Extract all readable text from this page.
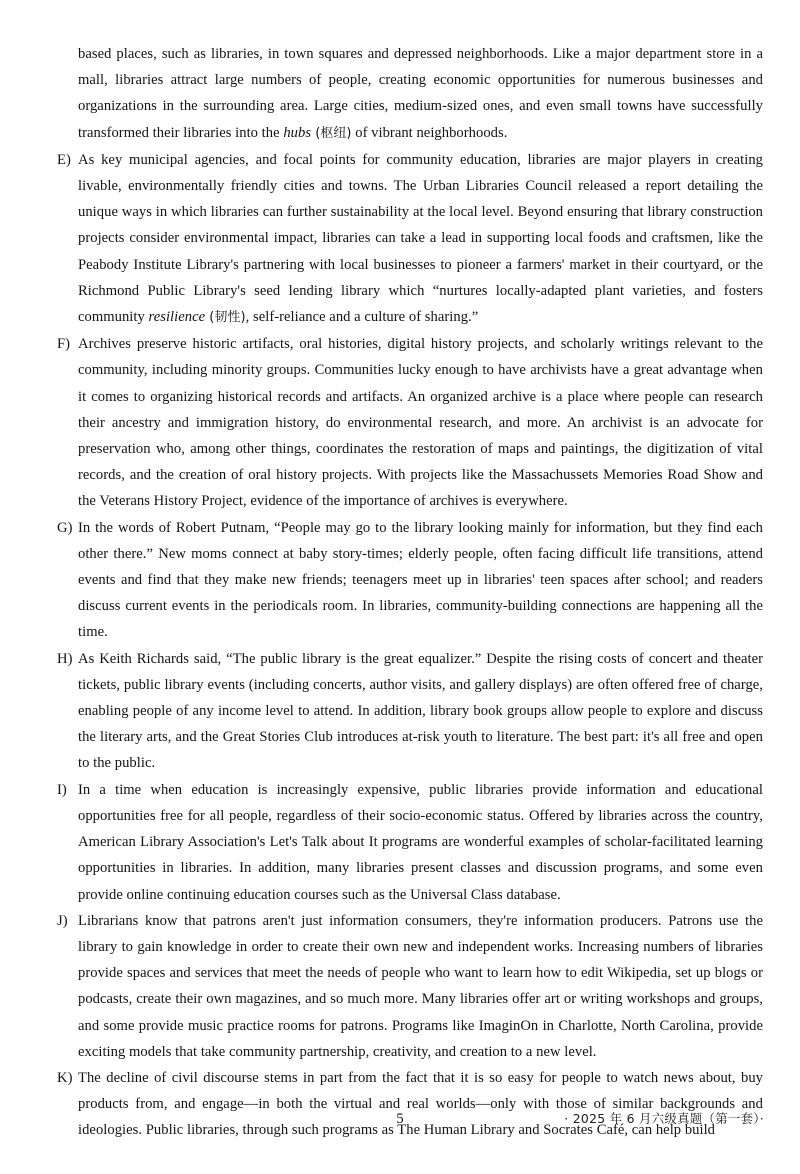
based places, such as libraries, in town squares and depressed neighborhoods. Like a major department store in a mall, libraries attract large numbers of people, creating economic opportunities for numerous businesses and organizations in the surrounding area. Large cities, medium-sized ones, and even small towns have successfully transformed their libraries into the hubs (枢纽) of vibrant neighborhoods.

E) As key municipal agencies, and focal points for community education, libraries are major players in creating livable, environmentally friendly cities and towns. The Urban Libraries Council released a report detailing the unique ways in which libraries can further sustainability at the local level. Beyond ensuring that library construction projects consider environmental impact, libraries can take a lead in supporting local foods and craftsmen, like the Peabody Institute Library's partnering with local businesses to pioneer a farmers' market in their courtyard, or the Richmond Public Library's seed lending library which “nurtures locally-adapted plant varieties, and fosters community resilience (韧性), self-reliance and a culture of sharing.”

F) Archives preserve historic artifacts, oral histories, digital history projects, and scholarly writings relevant to the community, including minority groups. Communities lucky enough to have archivists have a great advantage when it comes to organizing historical records and artifacts. An organized archive is a place where people can research their ancestry and immigration history, do environmental research, and more. An archivist is an advocate for preservation who, among other things, coordinates the restoration of maps and paintings, the digitization of vital records, and the creation of oral history projects. With projects like the Massachussets Memories Road Show and the Veterans History Project, evidence of the importance of archives is everywhere.

G) In the words of Robert Putnam, “People may go to the library looking mainly for information, but they find each other there.” New moms connect at baby story-times; elderly people, often facing difficult life transitions, attend events and find that they make new friends; teenagers meet up in libraries' teen spaces after school; and readers discuss current events in the periodicals room. In libraries, community-building connections are happening all the time.

H) As Keith Richards said, “The public library is the great equalizer.” Despite the rising costs of concert and theater tickets, public library events (including concerts, author visits, and gallery displays) are often offered free of charge, enabling people of any income level to attend. In addition, library book groups allow people to explore and discuss the literary arts, and the Great Stories Club introduces at-risk youth to literature. The best part: it's all free and open to the public.

I) In a time when education is increasingly expensive, public libraries provide information and educational opportunities free for all people, regardless of their socio-economic status. Offered by libraries across the country, American Library Association's Let's Talk about It programs are wonderful examples of scholar-facilitated learning opportunities in libraries. In addition, many libraries present classes and discussion programs, and some even provide online continuing education courses such as the Universal Class database.

J) Librarians know that patrons aren't just information consumers, they're information producers. Patrons use the library to gain knowledge in order to create their own new and independent works. Increasing numbers of libraries provide spaces and services that meet the needs of people who want to learn how to edit Wikipedia, set up blogs or podcasts, create their own magazines, and so much more. Many libraries offer art or writing workshops and groups, and some provide music practice rooms for patrons. Programs like ImaginOn in Charlotte, North Carolina, provide exciting models that take community partnership, creativity, and creation to a new level.

K) The decline of civil discourse stems in part from the fact that it is so easy for people to watch news about, buy products from, and engage—in both the virtual and real worlds—only with those of similar backgrounds and ideologies. Public libraries, through such programs as The Human Library and Socrates Café, can help build

5	· 2025 年 6 月六级真题（第一套）·
